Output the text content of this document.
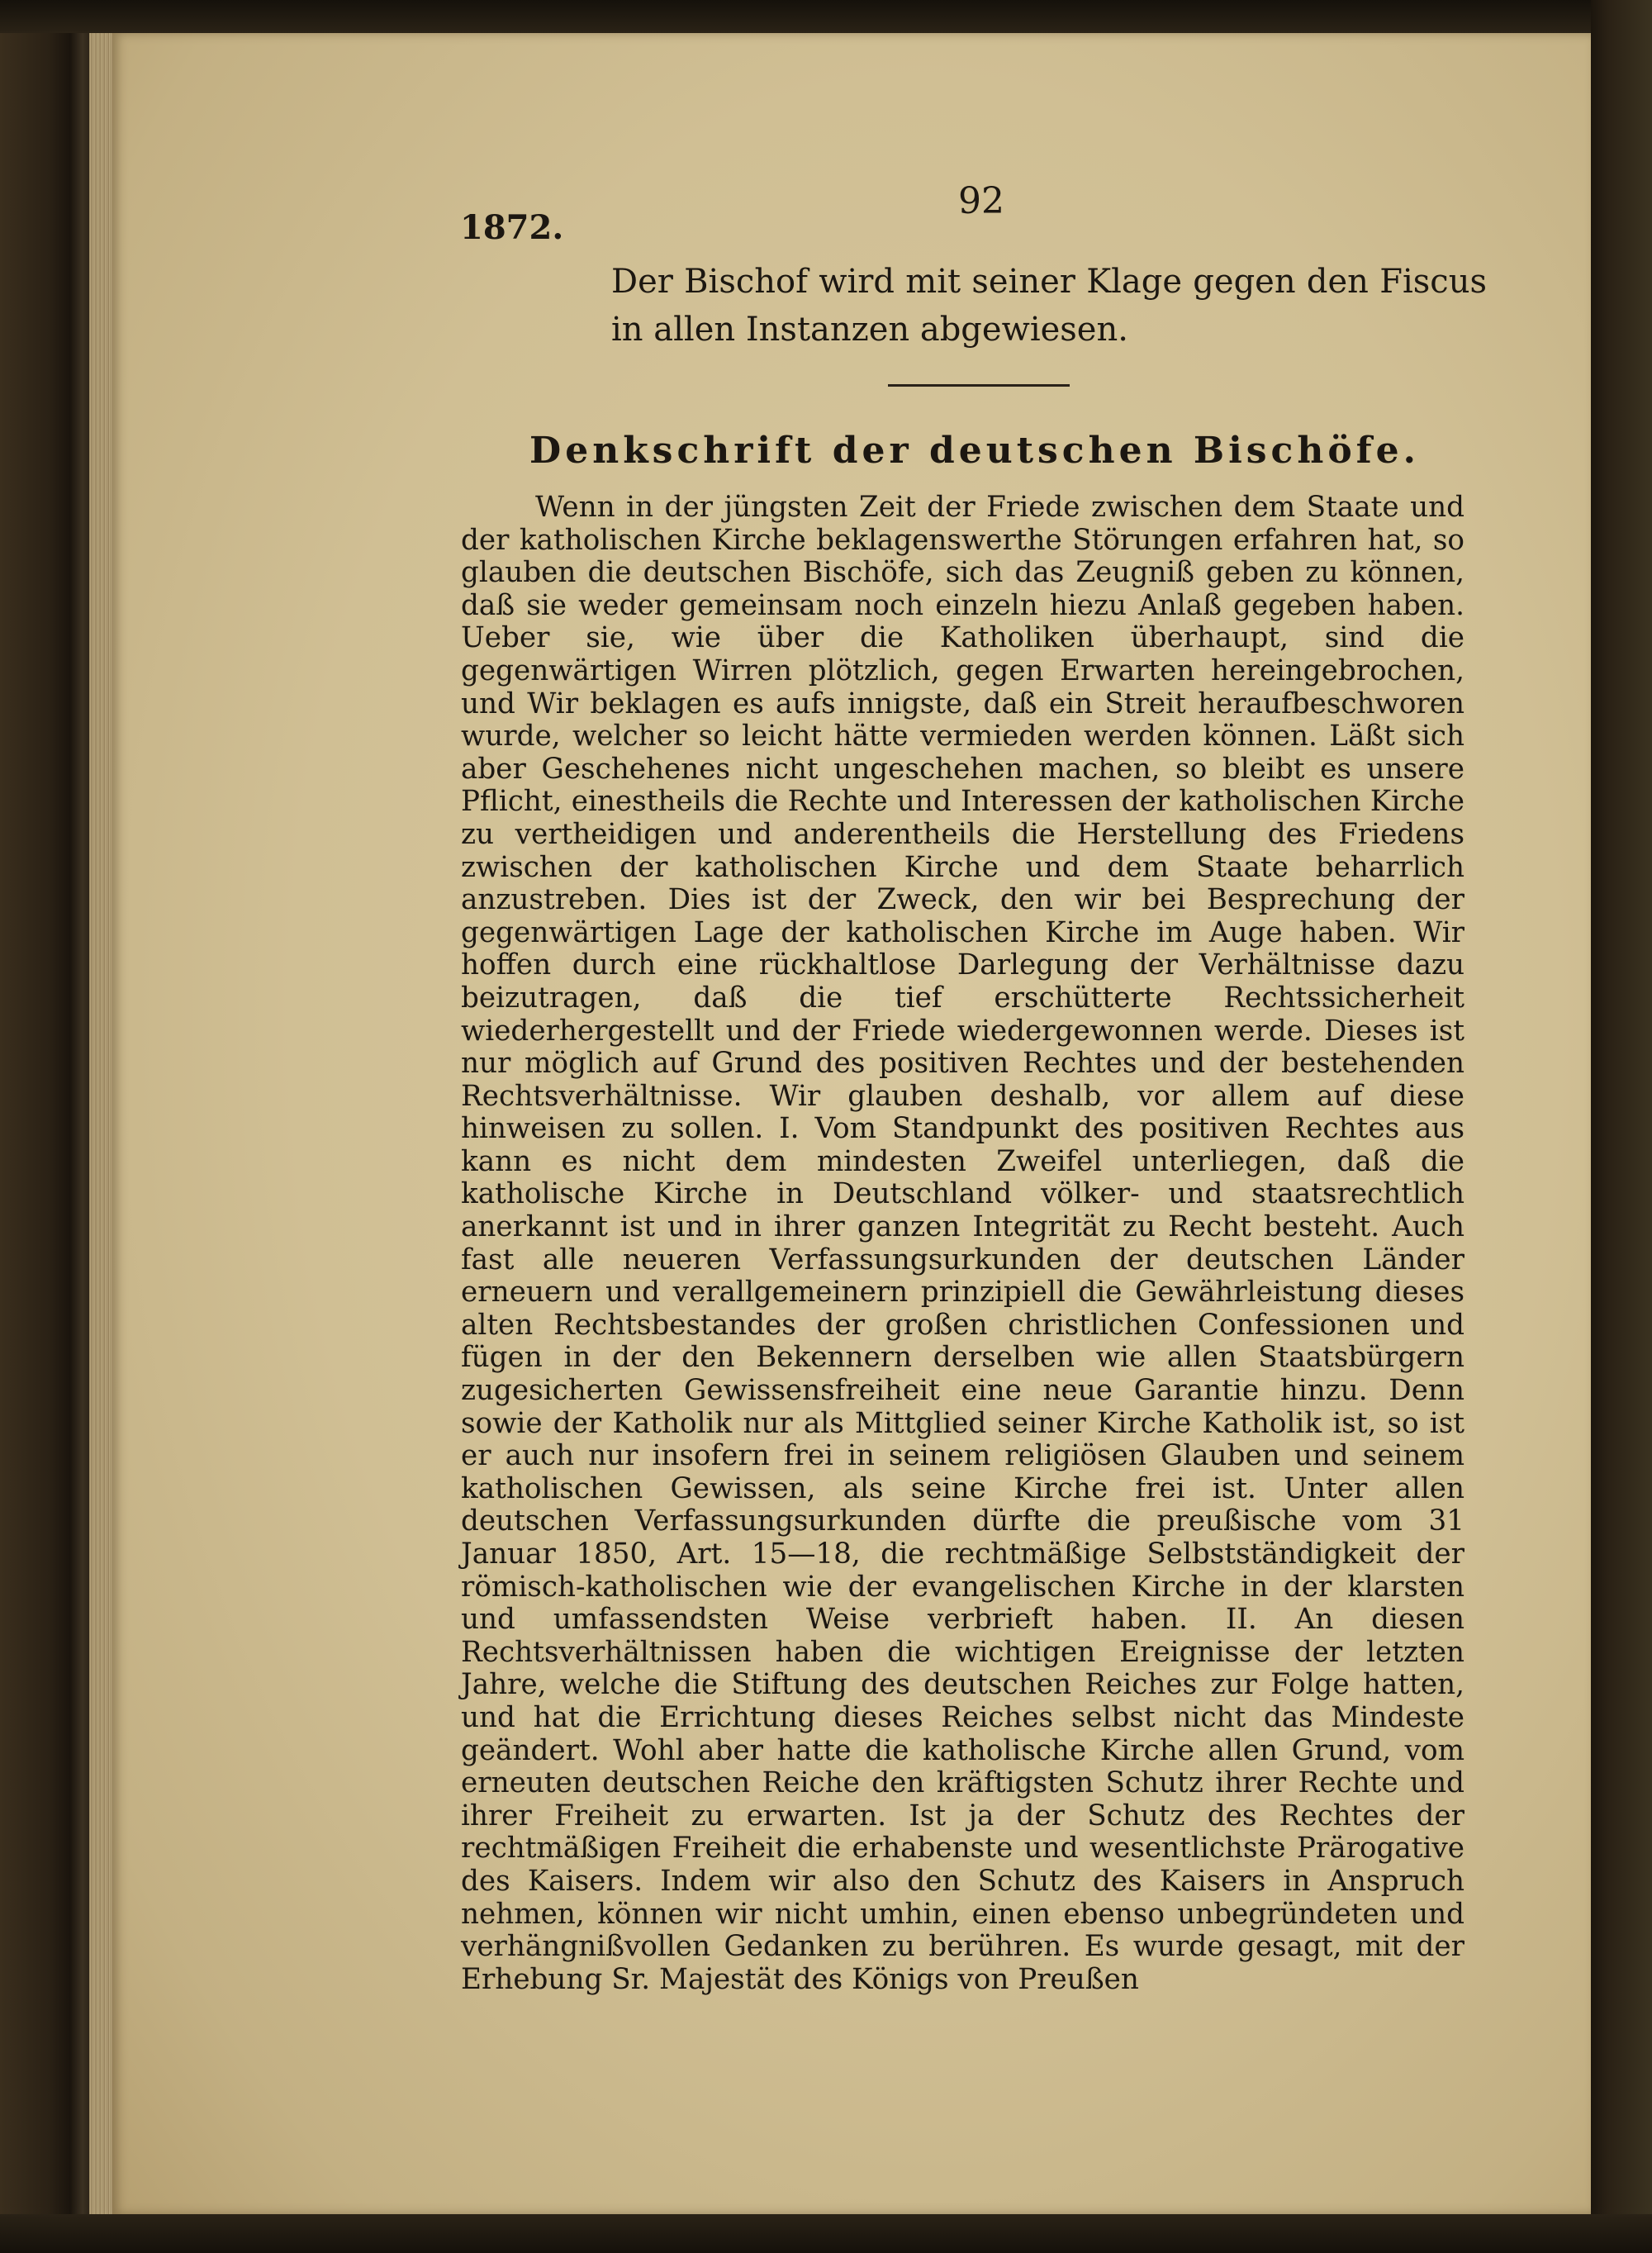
1872.

92

Der Bischof wird mit seiner Klage gegen den Fiscus in allen Instanzen abgewiesen.

Denkschrift der deutschen Bischöfe.

Wenn in der jüngsten Zeit der Friede zwischen dem Staate und der katholischen Kirche beklagenswerthe Störungen erfahren hat, so glauben die deutschen Bischöfe, sich das Zeugniß geben zu können, daß sie weder gemeinsam noch einzeln hiezu Anlaß gegeben haben. Ueber sie, wie über die Katholiken überhaupt, sind die gegenwärtigen Wirren plötzlich, gegen Erwarten hereingebrochen, und Wir beklagen es aufs innigste, daß ein Streit heraufbeschworen wurde, welcher so leicht hätte vermieden werden können. Läßt sich aber Geschehenes nicht ungeschehen machen, so bleibt es unsere Pflicht, einestheils die Rechte und Interessen der katholischen Kirche zu vertheidigen und anderentheils die Herstellung des Friedens zwischen der katholischen Kirche und dem Staate beharrlich anzustreben. Dies ist der Zweck, den wir bei Besprechung der gegenwärtigen Lage der katholischen Kirche im Auge haben. Wir hoffen durch eine rückhaltlose Darlegung der Verhältnisse dazu beizutragen, daß die tief erschütterte Rechtssicherheit wiederhergestellt und der Friede wiedergewonnen werde. Dieses ist nur möglich auf Grund des positiven Rechtes und der bestehenden Rechtsverhältnisse. Wir glauben deshalb, vor allem auf diese hinweisen zu sollen. I. Vom Standpunkt des positiven Rechtes aus kann es nicht dem mindesten Zweifel unterliegen, daß die katholische Kirche in Deutschland völker- und staatsrechtlich anerkannt ist und in ihrer ganzen Integrität zu Recht besteht. Auch fast alle neueren Verfassungsurkunden der deutschen Länder erneuern und verallgemeinern prinzipiell die Gewährleistung dieses alten Rechtsbestandes der großen christlichen Confessionen und fügen in der den Bekennern derselben wie allen Staatsbürgern zugesicherten Gewissensfreiheit eine neue Garantie hinzu. Denn sowie der Katholik nur als Mittglied seiner Kirche Katholik ist, so ist er auch nur insofern frei in seinem religiösen Glauben und seinem katholischen Gewissen, als seine Kirche frei ist. Unter allen deutschen Verfassungsurkunden dürfte die preußische vom 31 Januar 1850, Art. 15—18, die rechtmäßige Selbstständigkeit der römisch-katholischen wie der evangelischen Kirche in der klarsten und umfassendsten Weise verbrieft haben. II. An diesen Rechtsverhältnissen haben die wichtigen Ereignisse der letzten Jahre, welche die Stiftung des deutschen Reiches zur Folge hatten, und hat die Errichtung dieses Reiches selbst nicht das Mindeste geändert. Wohl aber hatte die katholische Kirche allen Grund, vom erneuten deutschen Reiche den kräftigsten Schutz ihrer Rechte und ihrer Freiheit zu erwarten. Ist ja der Schutz des Rechtes der rechtmäßigen Freiheit die erhabenste und wesentlichste Prärogative des Kaisers. Indem wir also den Schutz des Kaisers in Anspruch nehmen, können wir nicht umhin, einen ebenso unbegründeten und verhängnißvollen Gedanken zu berühren. Es wurde gesagt, mit der Erhebung Sr. Majestät des Königs von Preußen
